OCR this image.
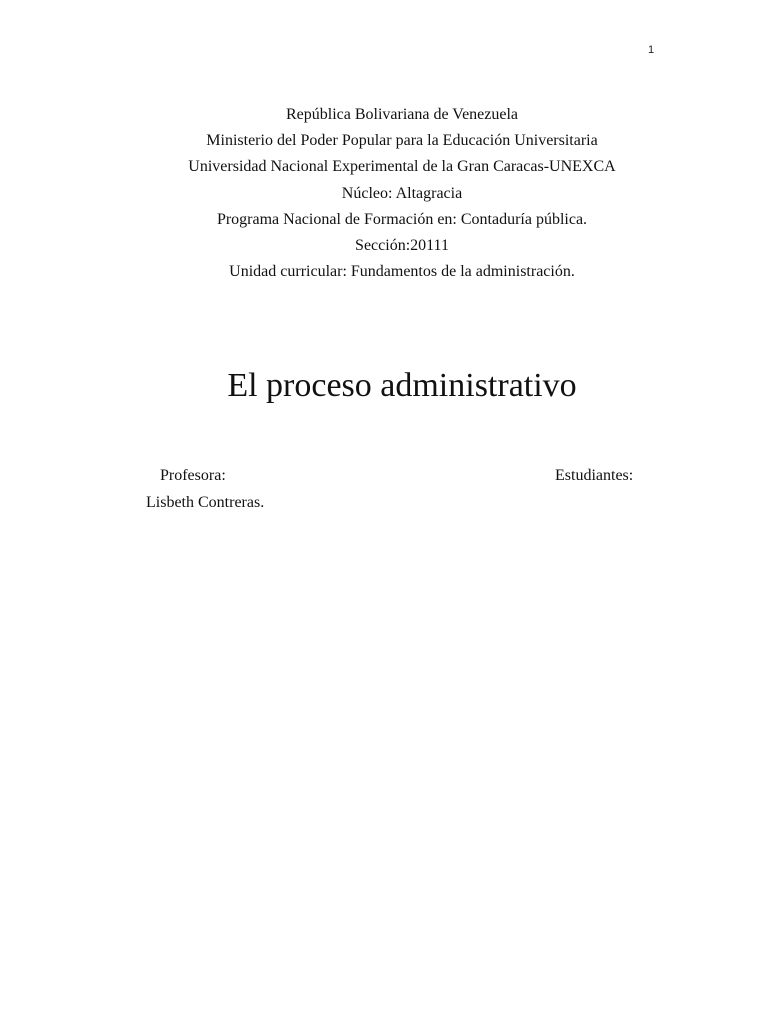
1
República Bolivariana de Venezuela
Ministerio del Poder Popular para la Educación Universitaria
Universidad Nacional Experimental de la Gran Caracas-UNEXCA
Núcleo: Altagracia
Programa Nacional de Formación en: Contaduría pública.
Sección:20111
Unidad curricular: Fundamentos de la administración.
El proceso administrativo
Profesora:
Lisbeth Contreras.
Estudiantes:
